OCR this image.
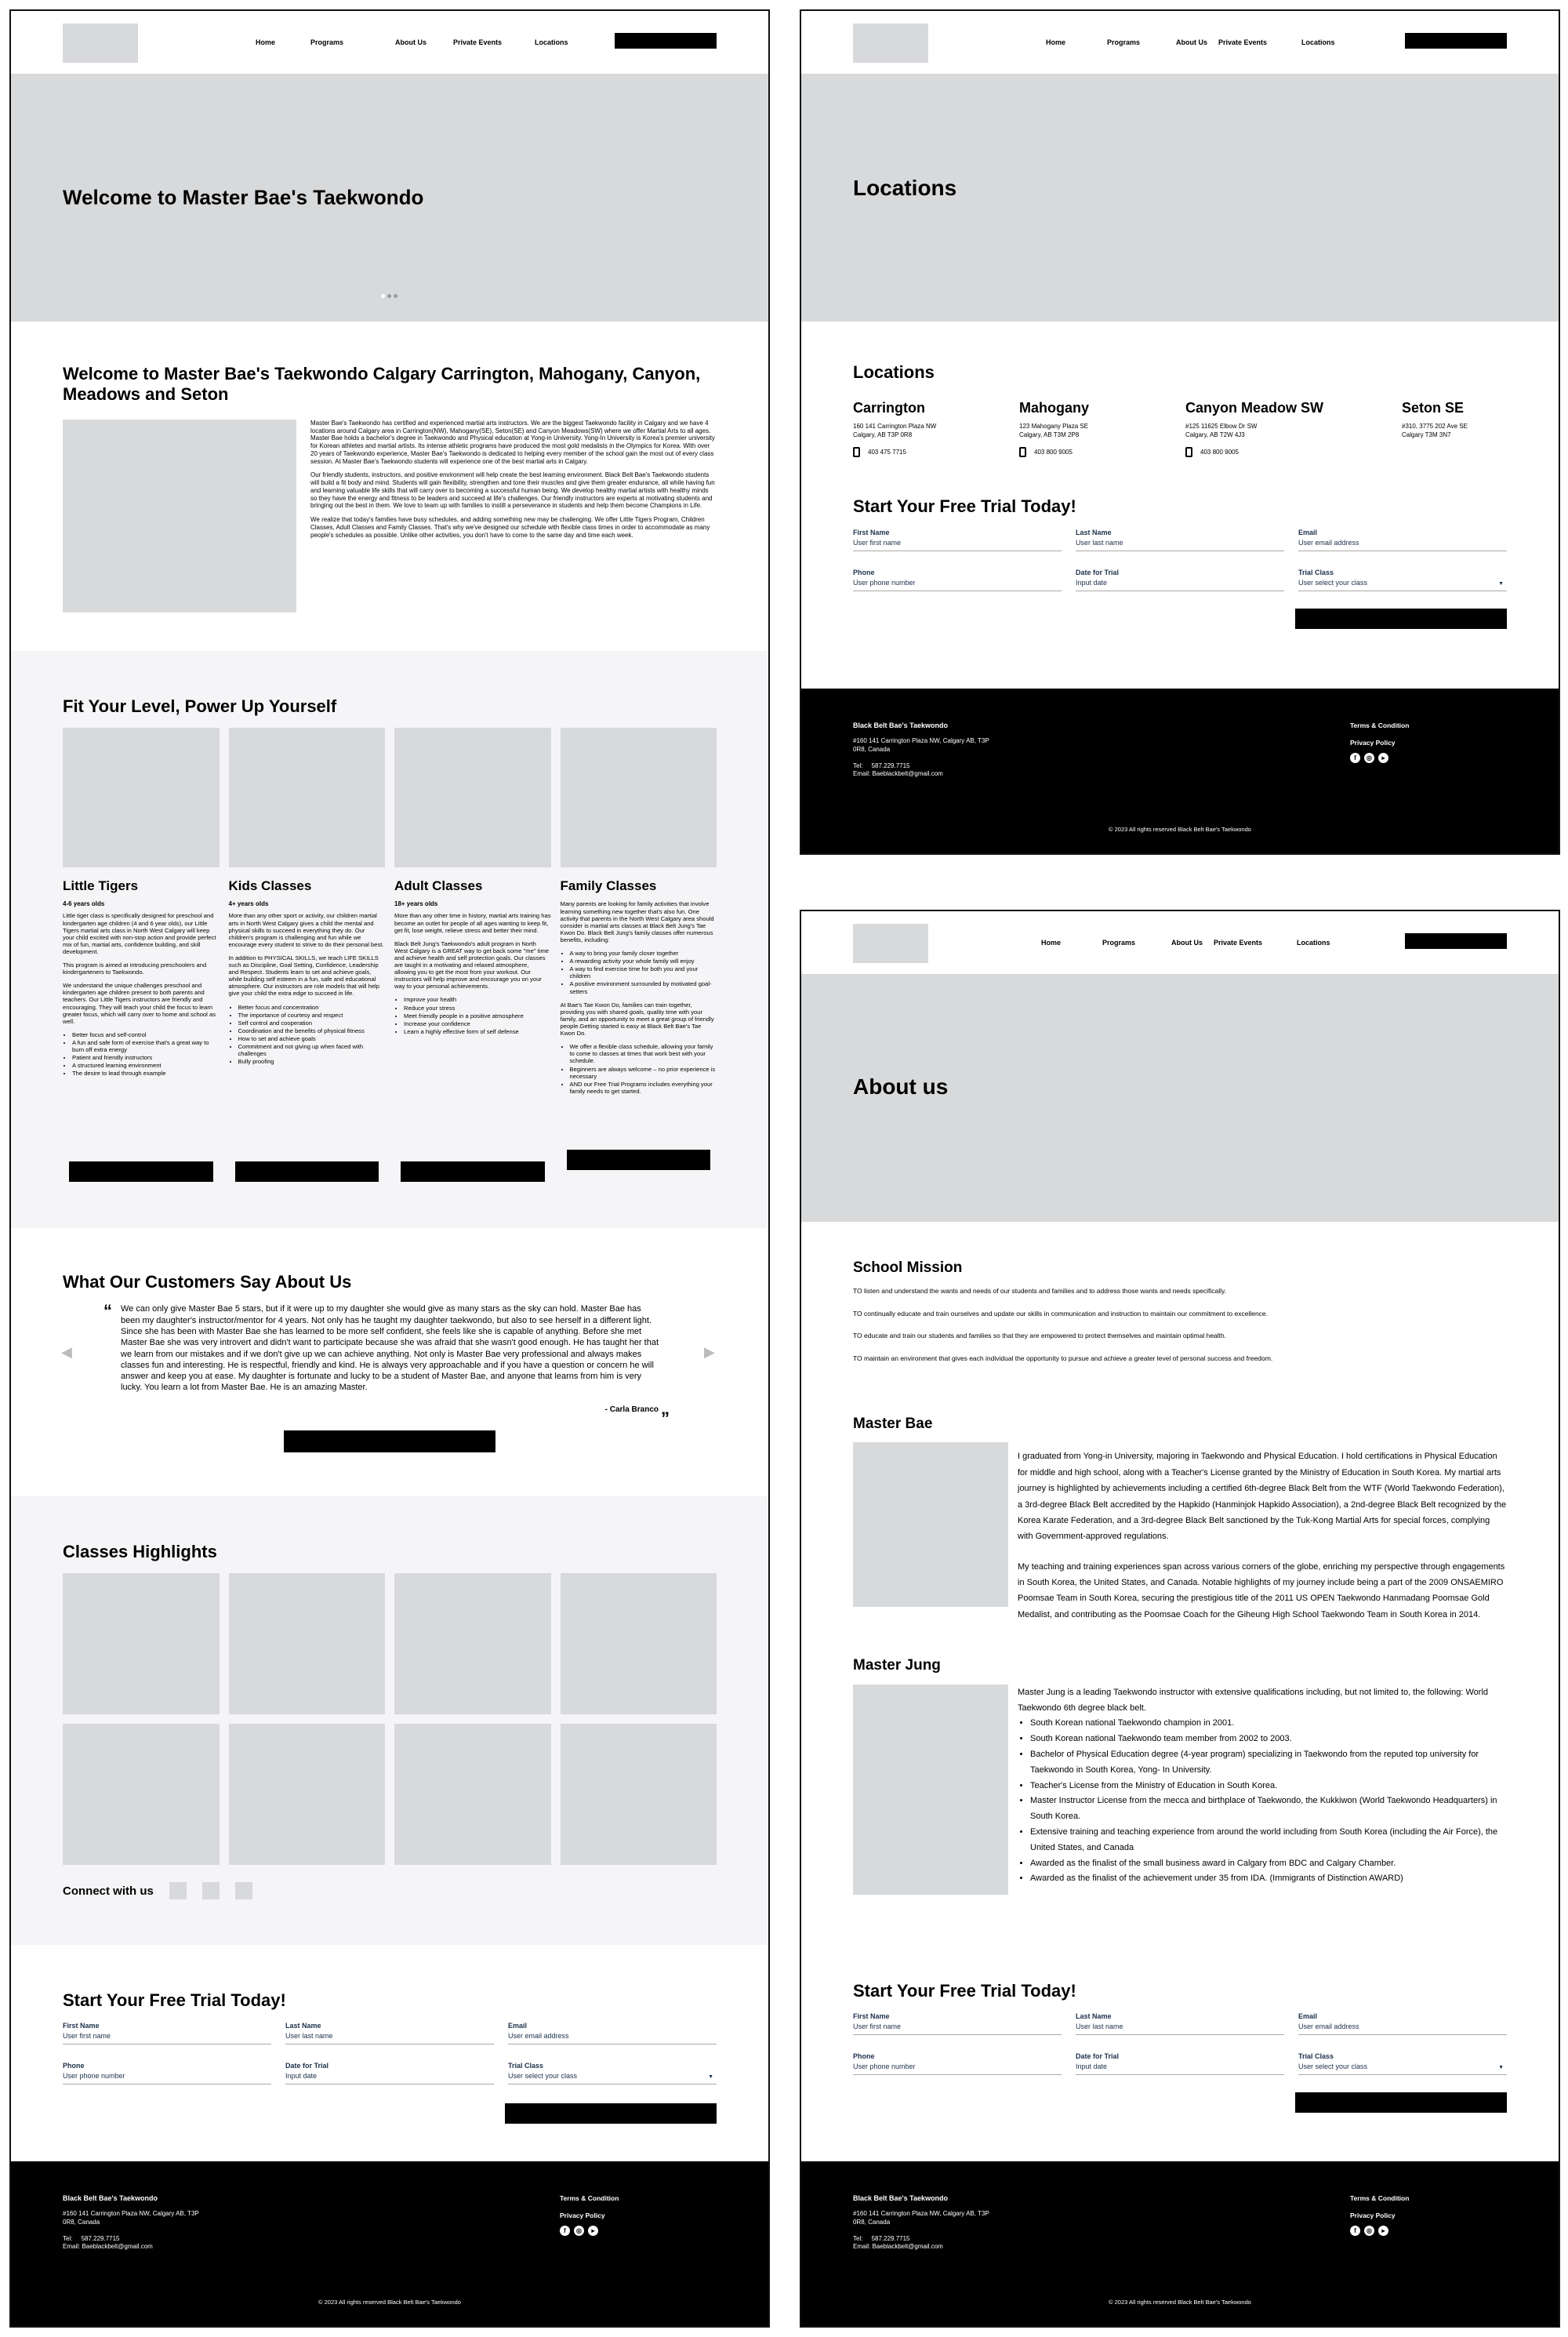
Home	Programs	About Us	Private Events	Locations
Welcome to Master Bae's Taekwondo
Welcome to Master Bae's Taekwondo Calgary Carrington, Mahogany, Canyon, Meadows and Seton

Master Bae's Taekwondo has certified and experienced martial arts instructors. We are the biggest Taekwondo facility in Calgary and we have 4 locations around Calgary area in Carrington(NW), Mahogany(SE), Seton(SE) and Canyon Meadows(SW) where we offer Martial Arts to all ages. Master Bae holds a bachelor's degree in Taekwondo and Physical education at Yong-in University. Yong-In University is Korea's premier university for Korean athletes and martial artists. Its intense athletic programs have produced the most gold medalists in the Olympics for Korea. With over 20 years of Taekwondo experience, Master Bae's Taekwondo is dedicated to helping every member of the school gain the most out of every class session. At Master Bae's Taekwondo students will experience one of the best martial arts in Calgary.

Our friendly students, instructors, and positive environment will help create the best learning environment. Black Belt Bae's Taekwondo students will build a fit body and mind. Students will gain flexibility, strengthen and tone their muscles and give them greater endurance, all while having fun and learning valuable life skills that will carry over to becoming a successful human being. We develop healthy martial artists with healthy minds so they have the energy and fitness to be leaders and succeed at life's challenges. Our friendly instructors are experts at motivating students and bringing out the best in them. We love to team up with families to instill a perseverance in students and help them become Champions in Life.

We realize that today's families have busy schedules, and adding something new may be challenging. We offer Little Tigers Program, Children Classes, Adult Classes and Family Classes. That's why we've designed our schedule with flexible class times in order to accommodate as many people's schedules as possible. Unlike other activities, you don't have to come to the same day and time each week.

Fit Your Level, Power Up Yourself
Little Tigers
4-6 years olds

Little tiger class is specifically designed for preschool and kindergarten age children (4 and 6 year olds), our Little Tigers martial arts class in North West Calgary will keep your child excited with non-stop action and provide perfect mix of fun, martial arts, confidence building, and skill development.

This program is aimed at introducing preschoolers and kindergarteners to Taekwondo.

We understand the unique challenges preschool and kindergarten age children present to both parents and teachers. Our Little Tigers instructors are friendly and encouraging. They will teach your child the focus to learn greater focus, which will carry over to home and school as well.

• Better focus and self-control
• A fun and safe form of exercise that's a great way to burn off extra energy
• Patient and friendly instructors
• A structured learning environment
• The desire to lead through example
Kids Classes
4+ years olds

More than any other sport or activity, our children martial arts in North West Calgary gives a child the mental and physical skills to succeed in everything they do. Our children's program is challenging and fun while we encourage every student to strive to do their personal best.

In addition to PHYSICAL SKILLS, we teach LIFE SKILLS such as Discipline, Goal Setting, Confidence, Leadership and Respect. Students learn to set and achieve goals, while building self esteem in a fun, safe and educational atmosphere. Our instructors are role models that will help give your child the extra edge to succeed in life.

• Better focus and concentration
• The importance of courtesy and respect
• Self control and cooperation
• Coordination and the benefits of physical fitness
• How to set and achieve goals
• Commitment and not giving up when faced with challenges
• Bully proofing
Adult Classes
18+ years olds

More than any other time in history, martial arts training has become an outlet for people of all ages wanting to keep fit, get fit, lose weight, relieve stress and better their mind.

Black Belt Jung's Taekwondo's adult program in North West Calgary is a GREAT way to get back some "me" time and achieve health and self protection goals. Our classes are taught in a motivating and relaxed atmosphere, allowing you to get the most from your workout. Our instructors will help improve and encourage you on your way to your personal achievements.

• Improve your health
• Reduce your stress
• Meet friendly people in a positive atmosphere
• Increase your confidence
• Learn a highly effective form of self defense
Family Classes

Many parents are looking for family activities that involve learning something new together that's also fun. One activity that parents in the North West Calgary area should consider is martial arts classes at Black Belt Jung's Tae Kwon Do. Black Belt Jung's family classes offer numerous benefits, including:

• A way to bring your family closer together
• A rewarding activity your whole family will enjoy
• A way to find exercise time for both you and your children
• A positive environment surrounded by motivated goal-setters

At Bae's Tae Kwon Do, families can train together, providing you with shared goals, quality time with your family, and an opportunity to meet a great group of friendly people.Getting started is easy at Black Belt Bae's Tae Kwon Do.

• We offer a flexible class schedule, allowing your family to come to classes at times that work best with your schedule.
• Beginners are always welcome – no prior experience is necessary
• AND our Free Trial Programs includes everything your family needs to get started.
What Our Customers Say About Us
“ We can only give Master Bae 5 stars, but if it were up to my daughter she would give as many stars as the sky can hold. Master Bae has been my daughter's instructor/mentor for 4 years. Not only has he taught my daughter taekwondo, but also to see herself in a different light. Since she has been with Master Bae she has learned to be more self confident, she feels like she is capable of anything. Before she met Master Bae she was very introvert and didn't want to participate because she was afraid that she wasn't good enough. He has taught her that we learn from our mistakes and if we don't give up we can achieve anything. Not only is Master Bae very professional and always makes classes fun and interesting. He is respectful, friendly and kind. He is always very approachable and if you have a question or concern he will answer and keep you at ease. My daughter is fortunate and lucky to be a student of Master Bae, and anyone that learns from him is very lucky. You learn a lot from Master Bae. He is an amazing Master.
”
- Carla Branco
◀	▶
Classes Highlights
Connect with us
Start Your Free Trial Today!
First Name
User first name
Last Name
User last name
Email
User email address
Phone
User phone number
Date for Trial
Input date
Trial Class
User select your class	▼
Black Belt Bae's Taekwondo
#160 141 Carrington Plaza NW, Calgary AB, T3P
0R8, Canada
Tel:     587.229.7715
Email: Baeblackbelt@gmail.com
Terms & Condition
Privacy Policy
f	◎	▸
© 2023 All rights reserved Black Belt Bae's Taekwondo
Home	Programs	About Us	Private Events	Locations
Locations
Locations
Carrington
160 141 Carrington Plaza NW
Calgary, AB T3P 0R8
403 475 7715
Mahogany
123 Mahogany Plaza SE
Calgary, AB T3M 2P8
403 800 9005
Canyon Meadow SW
#125 11625 Elbow Dr SW
Calgary, AB T2W 4J3
403 800 9005
Seton SE
#310, 3775 202 Ave SE
Calgary T3M 3N7
Start Your Free Trial Today!
First Name
User first name
Last Name
User last name
Email
User email address
Phone
User phone number
Date for Trial
Input date
Trial Class
User select your class	▼
Black Belt Bae's Taekwondo
#160 141 Carrington Plaza NW, Calgary AB, T3P
0R8, Canada
Tel:     587.229.7715
Email: Baeblackbelt@gmail.com
Terms & Condition
Privacy Policy
f	◎	▸
© 2023 All rights reserved Black Belt Bae's Taekwondo
Home	Programs	About Us	Private Events	Locations
About us
School Mission

TO listen and understand the wants and needs of our students and families and to address those wants and needs specifically.

TO continually educate and train ourselves and update our skills in communication and instruction to maintain our commitment to excellence.

TO educate and train our students and families so that they are empowered to protect themselves and maintain optimal health.

TO maintain an environment that gives each individual the opportunity to pursue and achieve a greater level of personal success and freedom.

Master Bae

I graduated from Yong-in University, majoring in Taekwondo and Physical Education. I hold certifications in Physical Education for middle and high school, along with a Teacher's License granted by the Ministry of Education in South Korea. My martial arts journey is highlighted by achievements including a certified 6th-degree Black Belt from the WTF (World Taekwondo Federation), a 3rd-degree Black Belt accredited by the Hapkido (Hanminjok Hapkido Association), a 2nd-degree Black Belt recognized by the Korea Karate Federation, and a 3rd-degree Black Belt sanctioned by the Tuk-Kong Martial Arts for special forces, complying with Government-approved regulations.

My teaching and training experiences span across various corners of the globe, enriching my perspective through engagements in South Korea, the United States, and Canada. Notable highlights of my journey include being a part of the 2009 ONSAEMIRO Poomsae Team in South Korea, securing the prestigious title of the 2011 US OPEN Taekwondo Hanmadang Poomsae Gold Medalist, and contributing as the Poomsae Coach for the Giheung High School Taekwondo Team in South Korea in 2014.

Master Jung

Master Jung is a leading Taekwondo instructor with extensive qualifications including, but not limited to, the following: World Taekwondo 6th degree black belt.

• South Korean national Taekwondo champion in 2001.
• South Korean national Taekwondo team member from 2002 to 2003.
• Bachelor of Physical Education degree (4-year program) specializing in Taekwondo from the reputed top university for Taekwondo in South Korea, Yong- In University.
• Teacher's License from the Ministry of Education in South Korea.
• Master Instructor License from the mecca and birthplace of Taekwondo, the Kukkiwon (World Taekwondo Headquarters) in South Korea.
• Extensive training and teaching experience from around the world including from South Korea (including the Air Force), the United States, and Canada
• Awarded as the finalist of the small business award in Calgary from BDC and Calgary Chamber.
• Awarded as the finalist of the achievement under 35 from IDA. (Immigrants of Distinction AWARD)
Start Your Free Trial Today!
First Name
User first name
Last Name
User last name
Email
User email address
Phone
User phone number
Date for Trial
Input date
Trial Class
User select your class	▼
Black Belt Bae's Taekwondo
#160 141 Carrington Plaza NW, Calgary AB, T3P
0R8, Canada
Tel:     587.229.7715
Email: Baeblackbelt@gmail.com
Terms & Condition
Privacy Policy
f	◎	▸
© 2023 All rights reserved Black Belt Bae's Taekwondo
